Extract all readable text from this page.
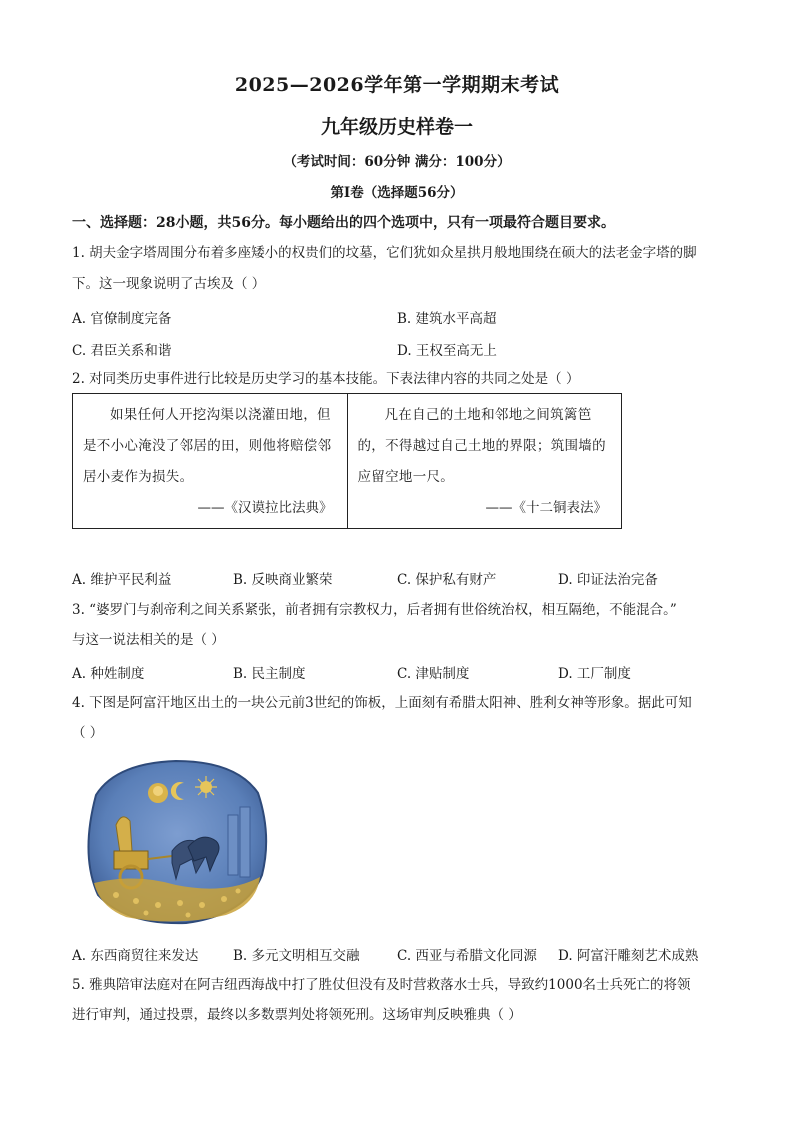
2025—2026学年第一学期期末考试
九年级历史样卷一
（考试时间：60分钟 满分：100分）
第Ⅰ卷（选择题56分）
一、选择题：28小题，共56分。每小题给出的四个选项中，只有一项最符合题目要求。
1. 胡夫金字塔周围分布着多座矮小的权贵们的坟墓，它们犹如众星拱月般地围绕在硕大的法老金字塔的脚
下。这一现象说明了古埃及（ ）
A. 官僚制度完备	B. 建筑水平高超
C. 君臣关系和谐	D. 王权至高无上
2. 对同类历史事件进行比较是历史学习的基本技能。下表法律内容的共同之处是（ ）
如果任何人开挖沟渠以浇灌田地，但是不小心淹没了邻居的田，则他将赔偿邻居小麦作为损失。
——《汉谟拉比法典》

凡在自己的土地和邻地之间筑篱笆的，不得越过自己土地的界限；筑围墙的应留空地一尺。
——《十二铜表法》
A. 维护平民利益	B. 反映商业繁荣	C. 保护私有财产	D. 印证法治完备
3. “婆罗门与刹帝利之间关系紧张，前者拥有宗教权力，后者拥有世俗统治权，相互隔绝，不能混合。”
与这一说法相关的是（ ）
A. 种姓制度	B. 民主制度	C. 津贴制度	D. 工厂制度
4. 下图是阿富汗地区出土的一块公元前3世纪的饰板，上面刻有希腊太阳神、胜利女神等形象。据此可知
（ ）
A. 东西商贸往来发达	B. 多元文明相互交融	C. 西亚与希腊文化同源 D. 阿富汗雕刻艺术成熟
5. 雅典陪审法庭对在阿吉纽西海战中打了胜仗但没有及时营救落水士兵，导致约1000名士兵死亡的将领
进行审判，通过投票，最终以多数票判处将领死刑。这场审判反映雅典（ ）
